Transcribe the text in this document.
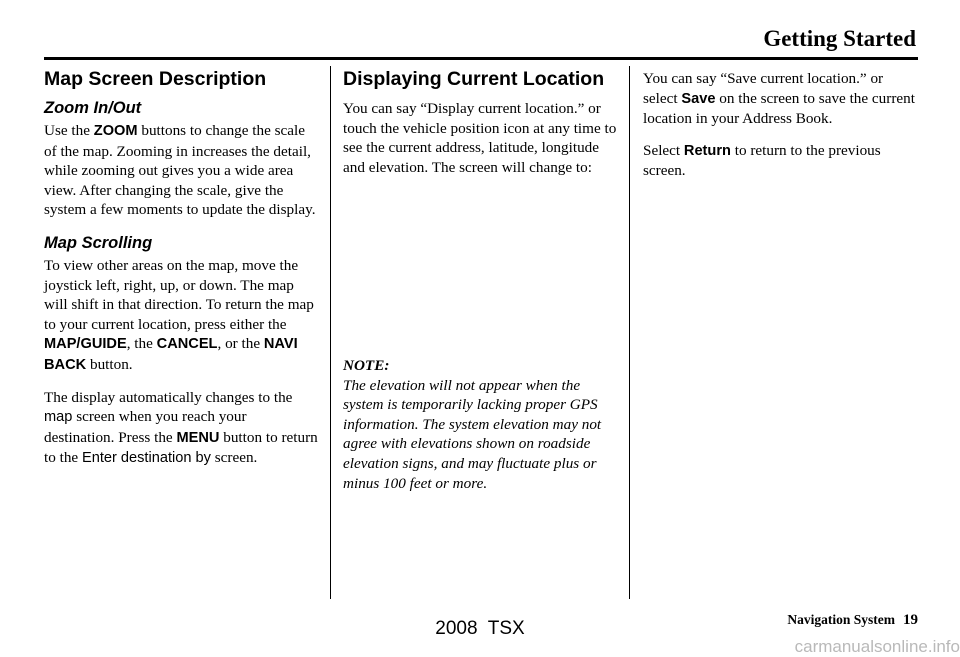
Getting Started
Map Screen Description
Zoom In/Out

Use the ZOOM buttons to change the scale of the map. Zooming in increases the detail, while zooming out gives you a wide area view. After changing the scale, give the system a few moments to update the display.

Map Scrolling

To view other areas on the map, move the joystick left, right, up, or down. The map will shift in that direction. To return the map to your current location, press either the MAP/GUIDE, the CANCEL, or the NAVI BACK button.

The display automatically changes to the map screen when you reach your destination. Press the MENU button to return to the Enter destination by screen.

Displaying Current Location

You can say “Display current location.” or touch the vehicle position icon at any time to see the current address, latitude, longitude and elevation. The screen will change to:

NOTE:

The elevation will not appear when the system is temporarily lacking proper GPS information. The system elevation may not agree with elevations shown on roadside elevation signs, and may fluctuate plus or minus 100 feet or more.

You can say “Save current location.” or select Save on the screen to save the current location in your Address Book.

Select Return to return to the previous screen.

Navigation System 19
2008  TSX
carmanualsonline.info
